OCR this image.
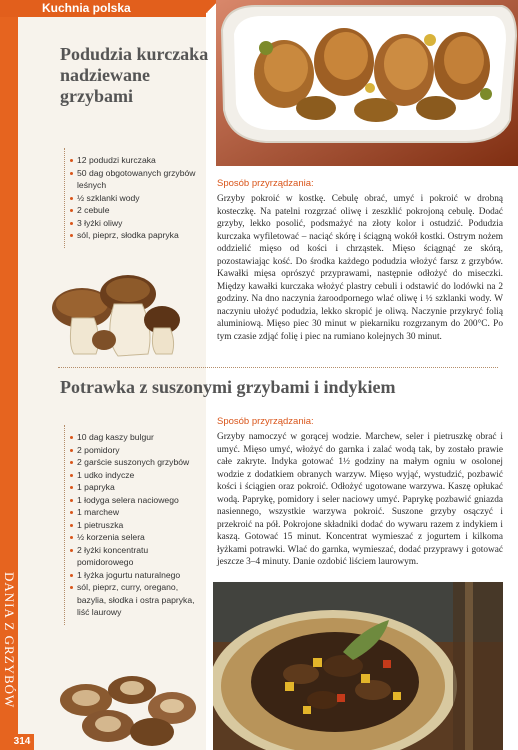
Kuchnia polska
Podudzia kurczaka nadziewane grzybami
12 podudzi kurczaka
50 dag obgotowanych grzybów leśnych
½ szklanki wody
2 cebule
3 łyżki oliwy
sól, pieprz, słodka papryka
Sposób przyrządzania:
Grzyby pokroić w kostkę. Cebulę obrać, umyć i pokroić w drobną kosteczkę. Na patelni rozgrzać oliwę i zeszklić pokrojoną cebulę. Dodać grzyby, lekko posolić, podsmażyć na złoty kolor i ostudzić. Podudzia kurczaka wyfiletować – naciąć skórę i ściągną wokół kostki. Ostrym nożem oddzielić mięso od kości i chrząstek. Mięso ściągnąć ze skórą, pozostawiając kość. Do środka każdego podudzia włożyć farsz z grzybów. Kawałki mięsa oprószyć przyprawami, następnie odłożyć do miseczki. Między kawałki kurczaka włożyć plastry cebuli i odstawić do lodówki na 2 godziny. Na dno naczynia żaroodpornego wlać oliwę i ½ szklanki wody. W naczyniu ułożyć podudzia, lekko skropić je oliwą. Naczynie przykryć folią aluminiową. Mięso piec 30 minut w piekarniku rozgrzanym do 200°C. Po tym czasie zdjąć folię i piec na rumiano kolejnych 30 minut.
Potrawka z suszonymi grzybami i indykiem
10 dag kaszy bulgur
2 pomidory
2 garście suszonych grzybów
1 udko indycze
1 papryka
1 łodyga selera naciowego
1 marchew
1 pietruszka
½ korzenia selera
2 łyżki koncentratu pomidorowego
1 łyżka jogurtu naturalnego
sól, pieprz, curry, oregano, bazylia, słodka i ostra papryka, liść laurowy
Sposób przyrządzania:
Grzyby namoczyć w gorącej wodzie. Marchew, seler i pietruszkę obrać i umyć. Mięso umyć, włożyć do garnka i zalać wodą tak, by zostało prawie całe zakryte. Indyka gotować 1½ godziny na małym ogniu w osolonej wodzie z dodatkiem obranych warzyw. Mięso wyjąć, wystudzić, pozbawić kości i ściągien oraz pokroić. Odłożyć ugotowane warzywa. Kaszę opłukać wodą. Paprykę, pomidory i seler naciowy umyć. Paprykę pozbawić gniazda nasiennego, wszystkie warzywa pokroić. Suszone grzyby osączyć i przekroić na pół. Pokrojone składniki dodać do wywaru razem z indykiem i kaszą. Gotować 15 minut. Koncentrat wymieszać z jogurtem i kilkoma łyżkami potrawki. Wlać do garnka, wymieszać, dodać przyprawy i gotować jeszcze 3–4 minuty. Danie ozdobić liściem laurowym.
DANIA Z GRZYBÓW
314
